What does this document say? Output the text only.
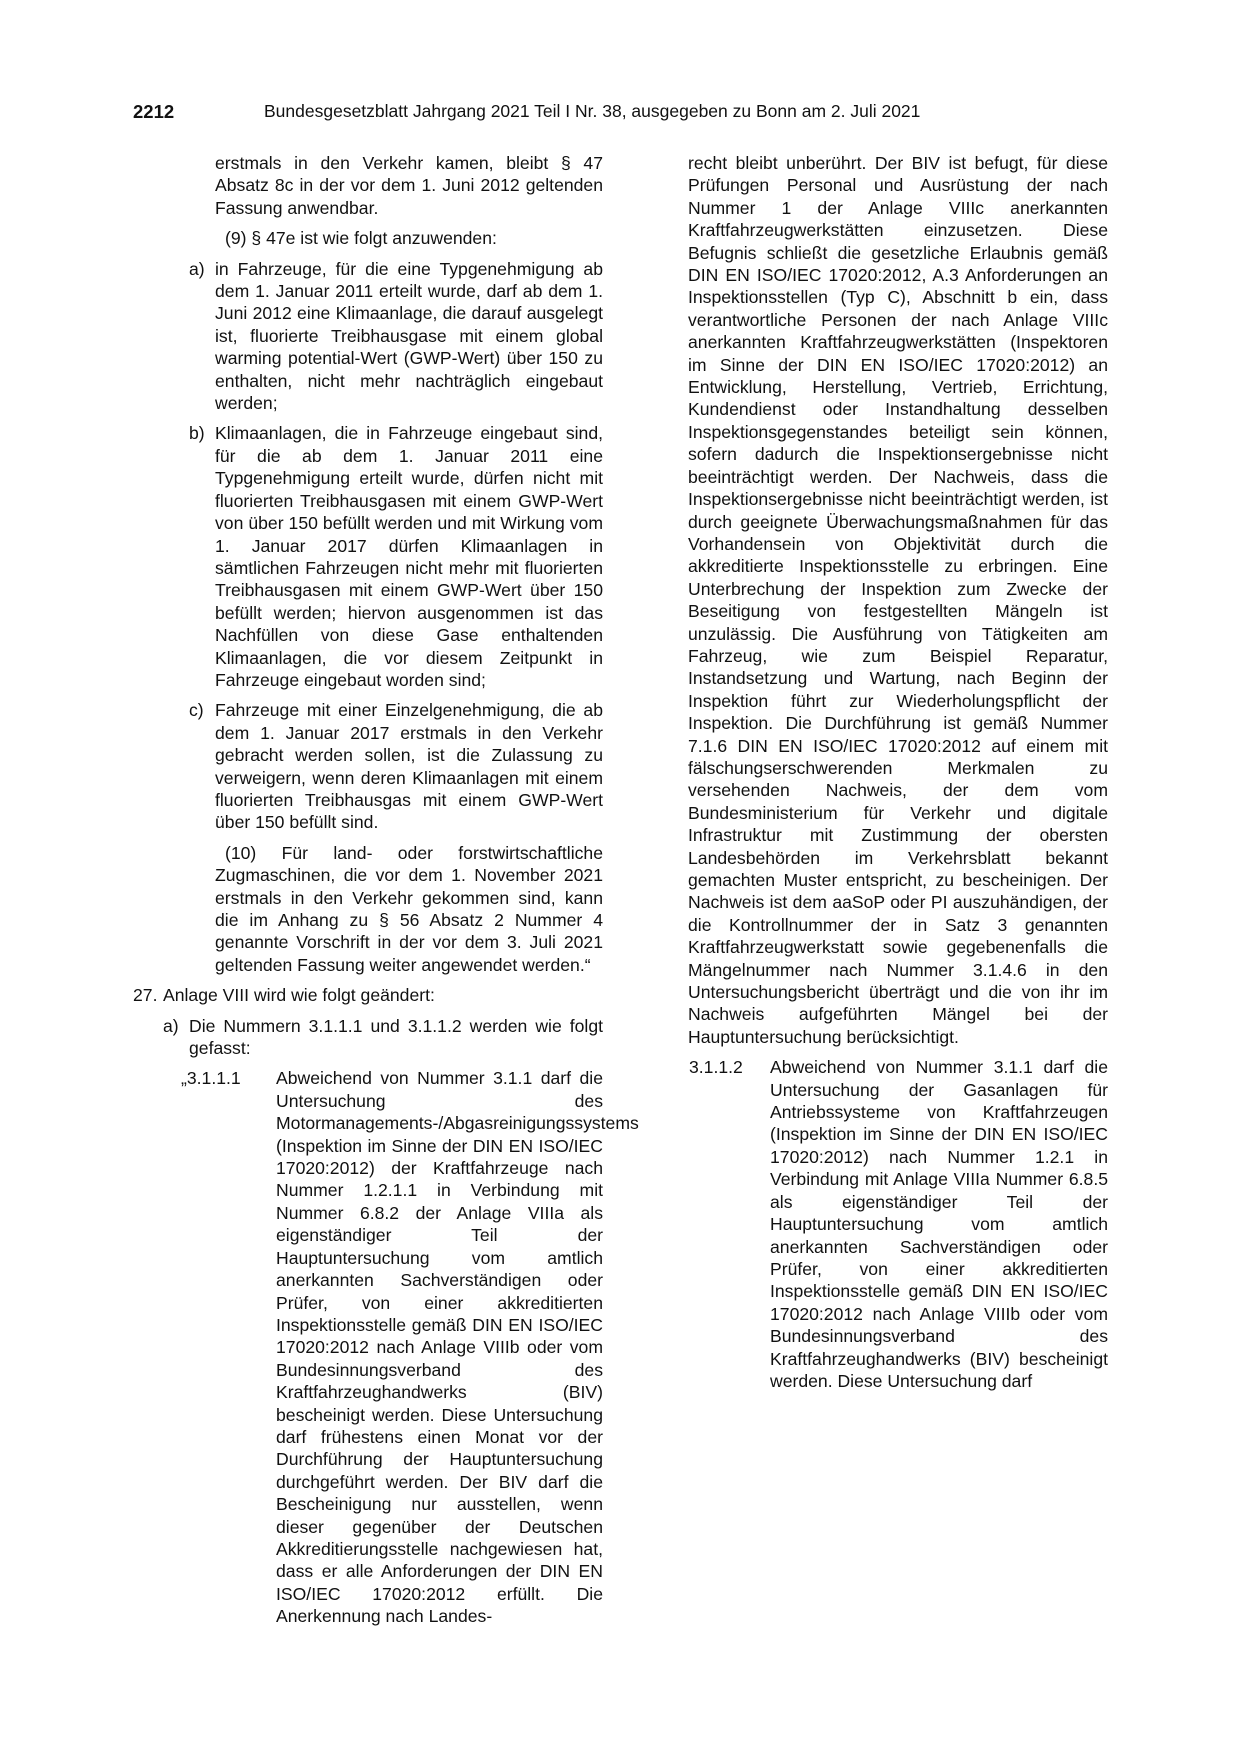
2212	Bundesgesetzblatt Jahrgang 2021 Teil I Nr. 38, ausgegeben zu Bonn am 2. Juli 2021

erstmals in den Verkehr kamen, bleibt § 47 Absatz 8c in der vor dem 1. Juni 2012 geltenden Fassung anwendbar.

(9) § 47e ist wie folgt anzuwenden:

a) in Fahrzeuge, für die eine Typgenehmigung ab dem 1. Januar 2011 erteilt wurde, darf ab dem 1. Juni 2012 eine Klimaanlage, die darauf ausgelegt ist, fluorierte Treibhausgase mit einem global warming potential-Wert (GWP-Wert) über 150 zu enthalten, nicht mehr nachträglich eingebaut werden;

b) Klimaanlagen, die in Fahrzeuge eingebaut sind, für die ab dem 1. Januar 2011 eine Typgenehmigung erteilt wurde, dürfen nicht mit fluorierten Treibhausgasen mit einem GWP-Wert von über 150 befüllt werden und mit Wirkung vom 1. Januar 2017 dürfen Klimaanlagen in sämtlichen Fahrzeugen nicht mehr mit fluorierten Treibhausgasen mit einem GWP-Wert über 150 befüllt werden; hiervon ausgenommen ist das Nachfüllen von diese Gase enthaltenden Klimaanlagen, die vor diesem Zeitpunkt in Fahrzeuge eingebaut worden sind;

c) Fahrzeuge mit einer Einzelgenehmigung, die ab dem 1. Januar 2017 erstmals in den Verkehr gebracht werden sollen, ist die Zulassung zu verweigern, wenn deren Klimaanlagen mit einem fluorierten Treibhausgas mit einem GWP-Wert über 150 befüllt sind.

(10) Für land- oder forstwirtschaftliche Zugmaschinen, die vor dem 1. November 2021 erstmals in den Verkehr gekommen sind, kann die im Anhang zu § 56 Absatz 2 Nummer 4 genannte Vorschrift in der vor dem 3. Juli 2021 geltenden Fassung weiter angewendet werden.“

27. Anlage VIII wird wie folgt geändert:

a) Die Nummern 3.1.1.1 und 3.1.1.2 werden wie folgt gefasst:

„3.1.1.1 Abweichend von Nummer 3.1.1 darf die Untersuchung des Motormanagements-/Abgasreinigungssystems (Inspektion im Sinne der DIN EN ISO/IEC 17020:2012) der Kraftfahrzeuge nach Nummer 1.2.1.1 in Verbindung mit Nummer 6.8.2 der Anlage VIIIa als eigenständiger Teil der Hauptuntersuchung vom amtlich anerkannten Sachverständigen oder Prüfer, von einer akkreditierten Inspektionsstelle gemäß DIN EN ISO/IEC 17020:2012 nach Anlage VIIIb oder vom Bundesinnungsverband des Kraftfahrzeughandwerks (BIV) bescheinigt werden. Diese Untersuchung darf frühestens einen Monat vor der Durchführung der Hauptuntersuchung durchgeführt werden. Der BIV darf die Bescheinigung nur ausstellen, wenn dieser gegenüber der Deutschen Akkreditierungsstelle nachgewiesen hat, dass er alle Anforderungen der DIN EN ISO/IEC 17020:2012 erfüllt. Die Anerkennung nach Landes-

recht bleibt unberührt. Der BIV ist befugt, für diese Prüfungen Personal und Ausrüstung der nach Nummer 1 der Anlage VIIIc anerkannten Kraftfahrzeugwerkstätten einzusetzen. Diese Befugnis schließt die gesetzliche Erlaubnis gemäß DIN EN ISO/IEC 17020:2012, A.3 Anforderungen an Inspektionsstellen (Typ C), Abschnitt b ein, dass verantwortliche Personen der nach Anlage VIIIc anerkannten Kraftfahrzeugwerkstätten (Inspektoren im Sinne der DIN EN ISO/IEC 17020:2012) an Entwicklung, Herstellung, Vertrieb, Errichtung, Kundendienst oder Instandhaltung desselben Inspektionsgegenstandes beteiligt sein können, sofern dadurch die Inspektionsergebnisse nicht beeinträchtigt werden. Der Nachweis, dass die Inspektionsergebnisse nicht beeinträchtigt werden, ist durch geeignete Überwachungsmaßnahmen für das Vorhandensein von Objektivität durch die akkreditierte Inspektionsstelle zu erbringen. Eine Unterbrechung der Inspektion zum Zwecke der Beseitigung von festgestellten Mängeln ist unzulässig. Die Ausführung von Tätigkeiten am Fahrzeug, wie zum Beispiel Reparatur, Instandsetzung und Wartung, nach Beginn der Inspektion führt zur Wiederholungspflicht der Inspektion. Die Durchführung ist gemäß Nummer 7.1.6 DIN EN ISO/IEC 17020:2012 auf einem mit fälschungserschwerenden Merkmalen zu versehenden Nachweis, der dem vom Bundesministerium für Verkehr und digitale Infrastruktur mit Zustimmung der obersten Landesbehörden im Verkehrsblatt bekannt gemachten Muster entspricht, zu bescheinigen. Der Nachweis ist dem aaSoP oder PI auszuhändigen, der die Kontrollnummer der in Satz 3 genannten Kraftfahrzeugwerkstatt sowie gegebenenfalls die Mängelnummer nach Nummer 3.1.4.6 in den Untersuchungsbericht überträgt und die von ihr im Nachweis aufgeführten Mängel bei der Hauptuntersuchung berücksichtigt.

3.1.1.2 Abweichend von Nummer 3.1.1 darf die Untersuchung der Gasanlagen für Antriebssysteme von Kraftfahrzeugen (Inspektion im Sinne der DIN EN ISO/IEC 17020:2012) nach Nummer 1.2.1 in Verbindung mit Anlage VIIIa Nummer 6.8.5 als eigenständiger Teil der Hauptuntersuchung vom amtlich anerkannten Sachverständigen oder Prüfer, von einer akkreditierten Inspektionsstelle gemäß DIN EN ISO/IEC 17020:2012 nach Anlage VIIIb oder vom Bundesinnungsverband des Kraftfahrzeughandwerks (BIV) bescheinigt werden. Diese Untersuchung darf
